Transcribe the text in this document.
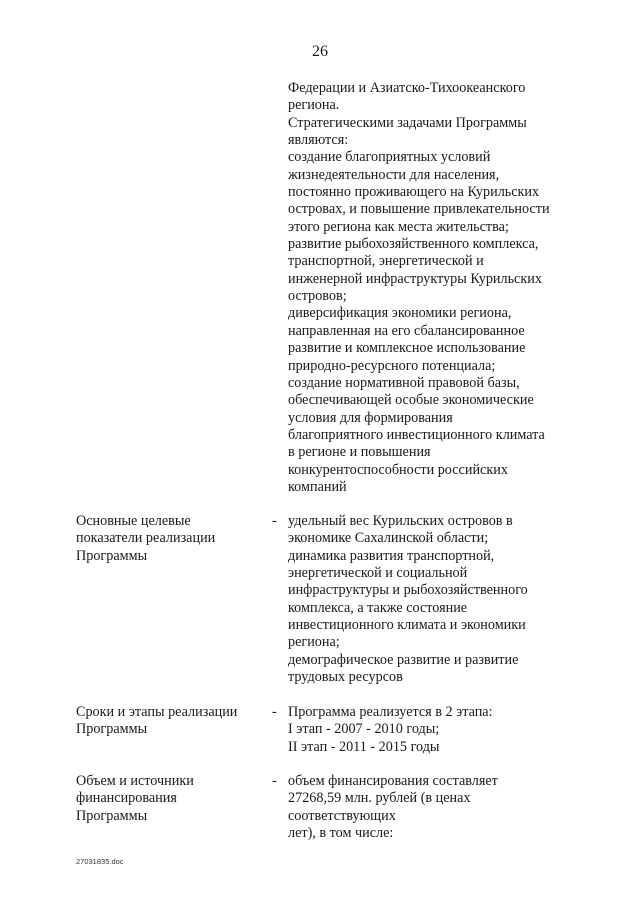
26
Федерации и Азиатско-Тихоокеанского
региона.
Стратегическими задачами Программы
являются:
создание благоприятных условий
жизнедеятельности для населения,
постоянно проживающего на Курильских
островах, и повышение привлекательности
этого региона как места жительства;
развитие рыбохозяйственного комплекса,
транспортной, энергетической и
инженерной инфраструктуры Курильских
островов;
диверсификация экономики региона,
направленная на его сбалансированное
развитие и комплексное использование
природно-ресурсного потенциала;
создание нормативной правовой базы,
обеспечивающей особые экономические
условия для формирования
благоприятного инвестиционного климата
в регионе и повышения
конкурентоспособности российских
компаний
Основные целевые
показатели реализации
Программы
- удельный вес Курильских островов в
экономике Сахалинской области;
динамика развития транспортной,
энергетической и социальной
инфраструктуры и рыбохозяйственного
комплекса, а также состояние
инвестиционного климата и экономики
региона;
демографическое развитие и развитие
трудовых ресурсов
Сроки и этапы реализации
Программы
- Программа реализуется в 2 этапа:
I этап - 2007 - 2010 годы;
II этап - 2011 - 2015 годы
Объем и источники
финансирования
Программы
- объем финансирования составляет
27268,59 млн. рублей (в ценах
соответствующих
лет), в том числе:
27031835.doc
